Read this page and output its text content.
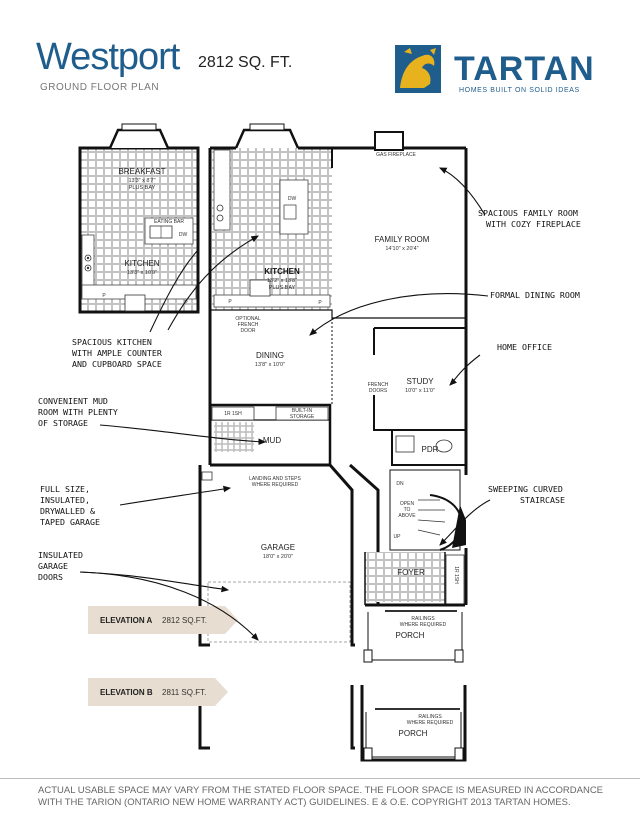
Westport 2812 SQ. FT.
GROUND FLOOR PLAN
BREAKFAST
13'3" x 8'7"
PLUS BAY
EATING BAR
DW
KITCHEN
13'3" x 10'0"
P
P
DW
KITCHEN
13'2" x 18'8"
PLUS BAY
P	P
OPTIONAL
FRENCH
DOOR
GAS FIREPLACE
FAMILY ROOM
14'10" x 20'4"
DINING
13'8" x 10'0"
STUDY
10'0" x 11'0"
FRENCH
DOORS
1R 1SH	BUILT-IN
STORAGE
MUD
PDR
LANDING AND STEPS
WHERE REQUIRED
GARAGE
18'0" x 20'0"
DN
OPEN
TO
ABOVE
UP
1R 1SH
FOYER
RAILINGS
WHERE REQUIRED
PORCH
RAILINGS
WHERE REQUIRED
PORCH
SPACIOUS KITCHEN
WITH AMPLE COUNTER
AND CUPBOARD SPACE
SPACIOUS FAMILY ROOM
WITH COZY FIREPLACE
FORMAL DINING ROOM
HOME OFFICE
CONVENIENT MUD
ROOM WITH PLENTY
OF STORAGE
FULL SIZE,
INSULATED,
DRYWALLED &
TAPED GARAGE
INSULATED
GARAGE
DOORS
SWEEPING CURVED
STAIRCASE
ELEVATION A 2812 SQ.FT.
ELEVATION B 2811 SQ.FT.
TARTAN
HOMES BUILT ON SOLID IDEAS
ACTUAL USABLE SPACE MAY VARY FROM THE STATED FLOOR SPACE. THE FLOOR SPACE IS MEASURED IN ACCORDANCE WITH THE TARION (ONTARIO NEW HOME WARRANTY ACT) GUIDELINES. E & O.E. COPYRIGHT 2013 TARTAN HOMES.
